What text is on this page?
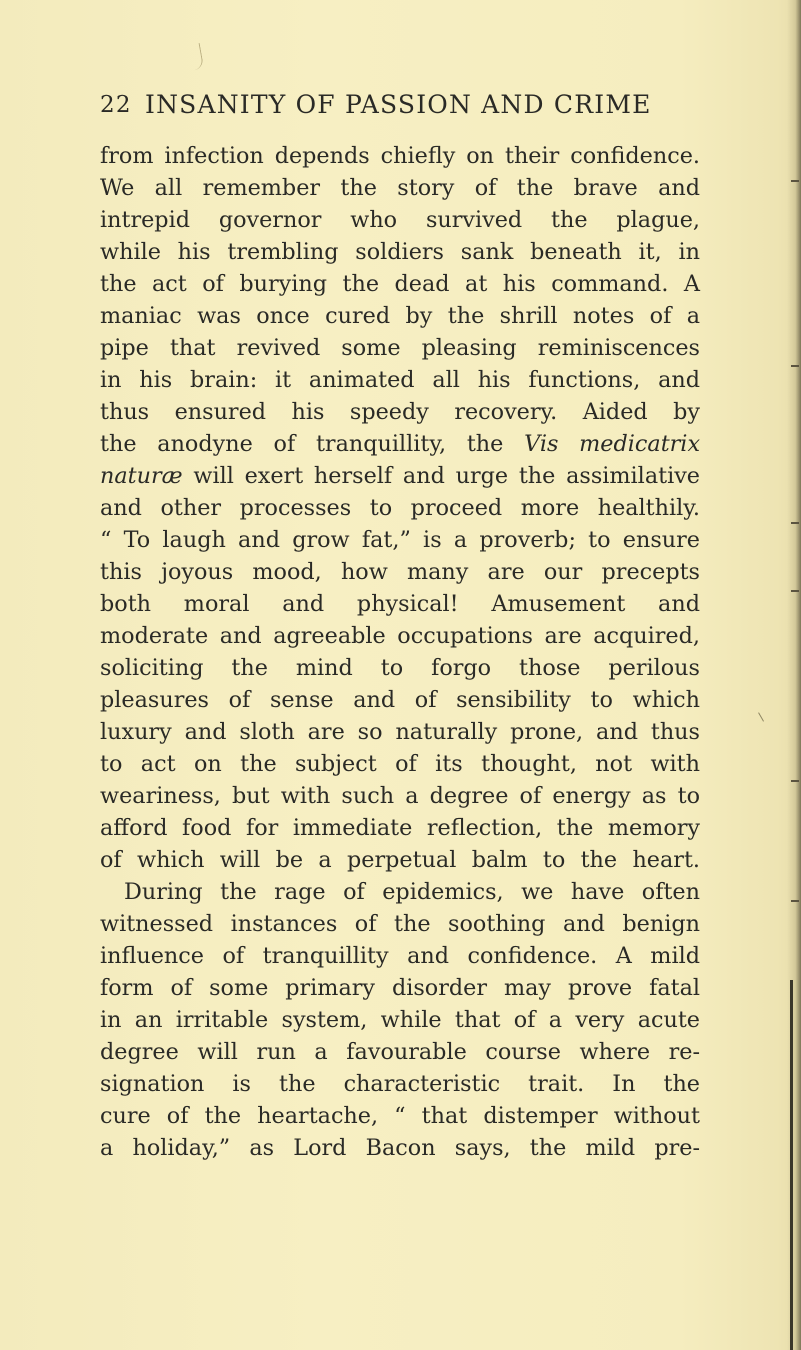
22 INSANITY OF PASSION AND CRIME
from infection depends chiefly on their confidence.
We all remember the story of the brave and
intrepid governor who survived the plague,
while his trembling soldiers sank beneath it, in
the act of burying the dead at his command. A
maniac was once cured by the shrill notes of a
pipe that revived some pleasing reminiscences
in his brain: it animated all his functions, and
thus ensured his speedy recovery. Aided by
the anodyne of tranquillity, the Vis medicatrix
naturæ will exert herself and urge the assimilative
and other processes to proceed more healthily.
“ To laugh and grow fat,” is a proverb; to ensure
this joyous mood, how many are our precepts
both moral and physical! Amusement and
moderate and agreeable occupations are acquired,
soliciting the mind to forgo those perilous
pleasures of sense and of sensibility to which
luxury and sloth are so naturally prone, and thus
to act on the subject of its thought, not with
weariness, but with such a degree of energy as to
afford food for immediate reflection, the memory
of which will be a perpetual balm to the heart.
During the rage of epidemics, we have often
witnessed instances of the soothing and benign
influence of tranquillity and confidence. A mild
form of some primary disorder may prove fatal
in an irritable system, while that of a very acute
degree will run a favourable course where re-
signation is the characteristic trait. In the
cure of the heartache, “ that distemper without
a holiday,” as Lord Bacon says, the mild pre-
